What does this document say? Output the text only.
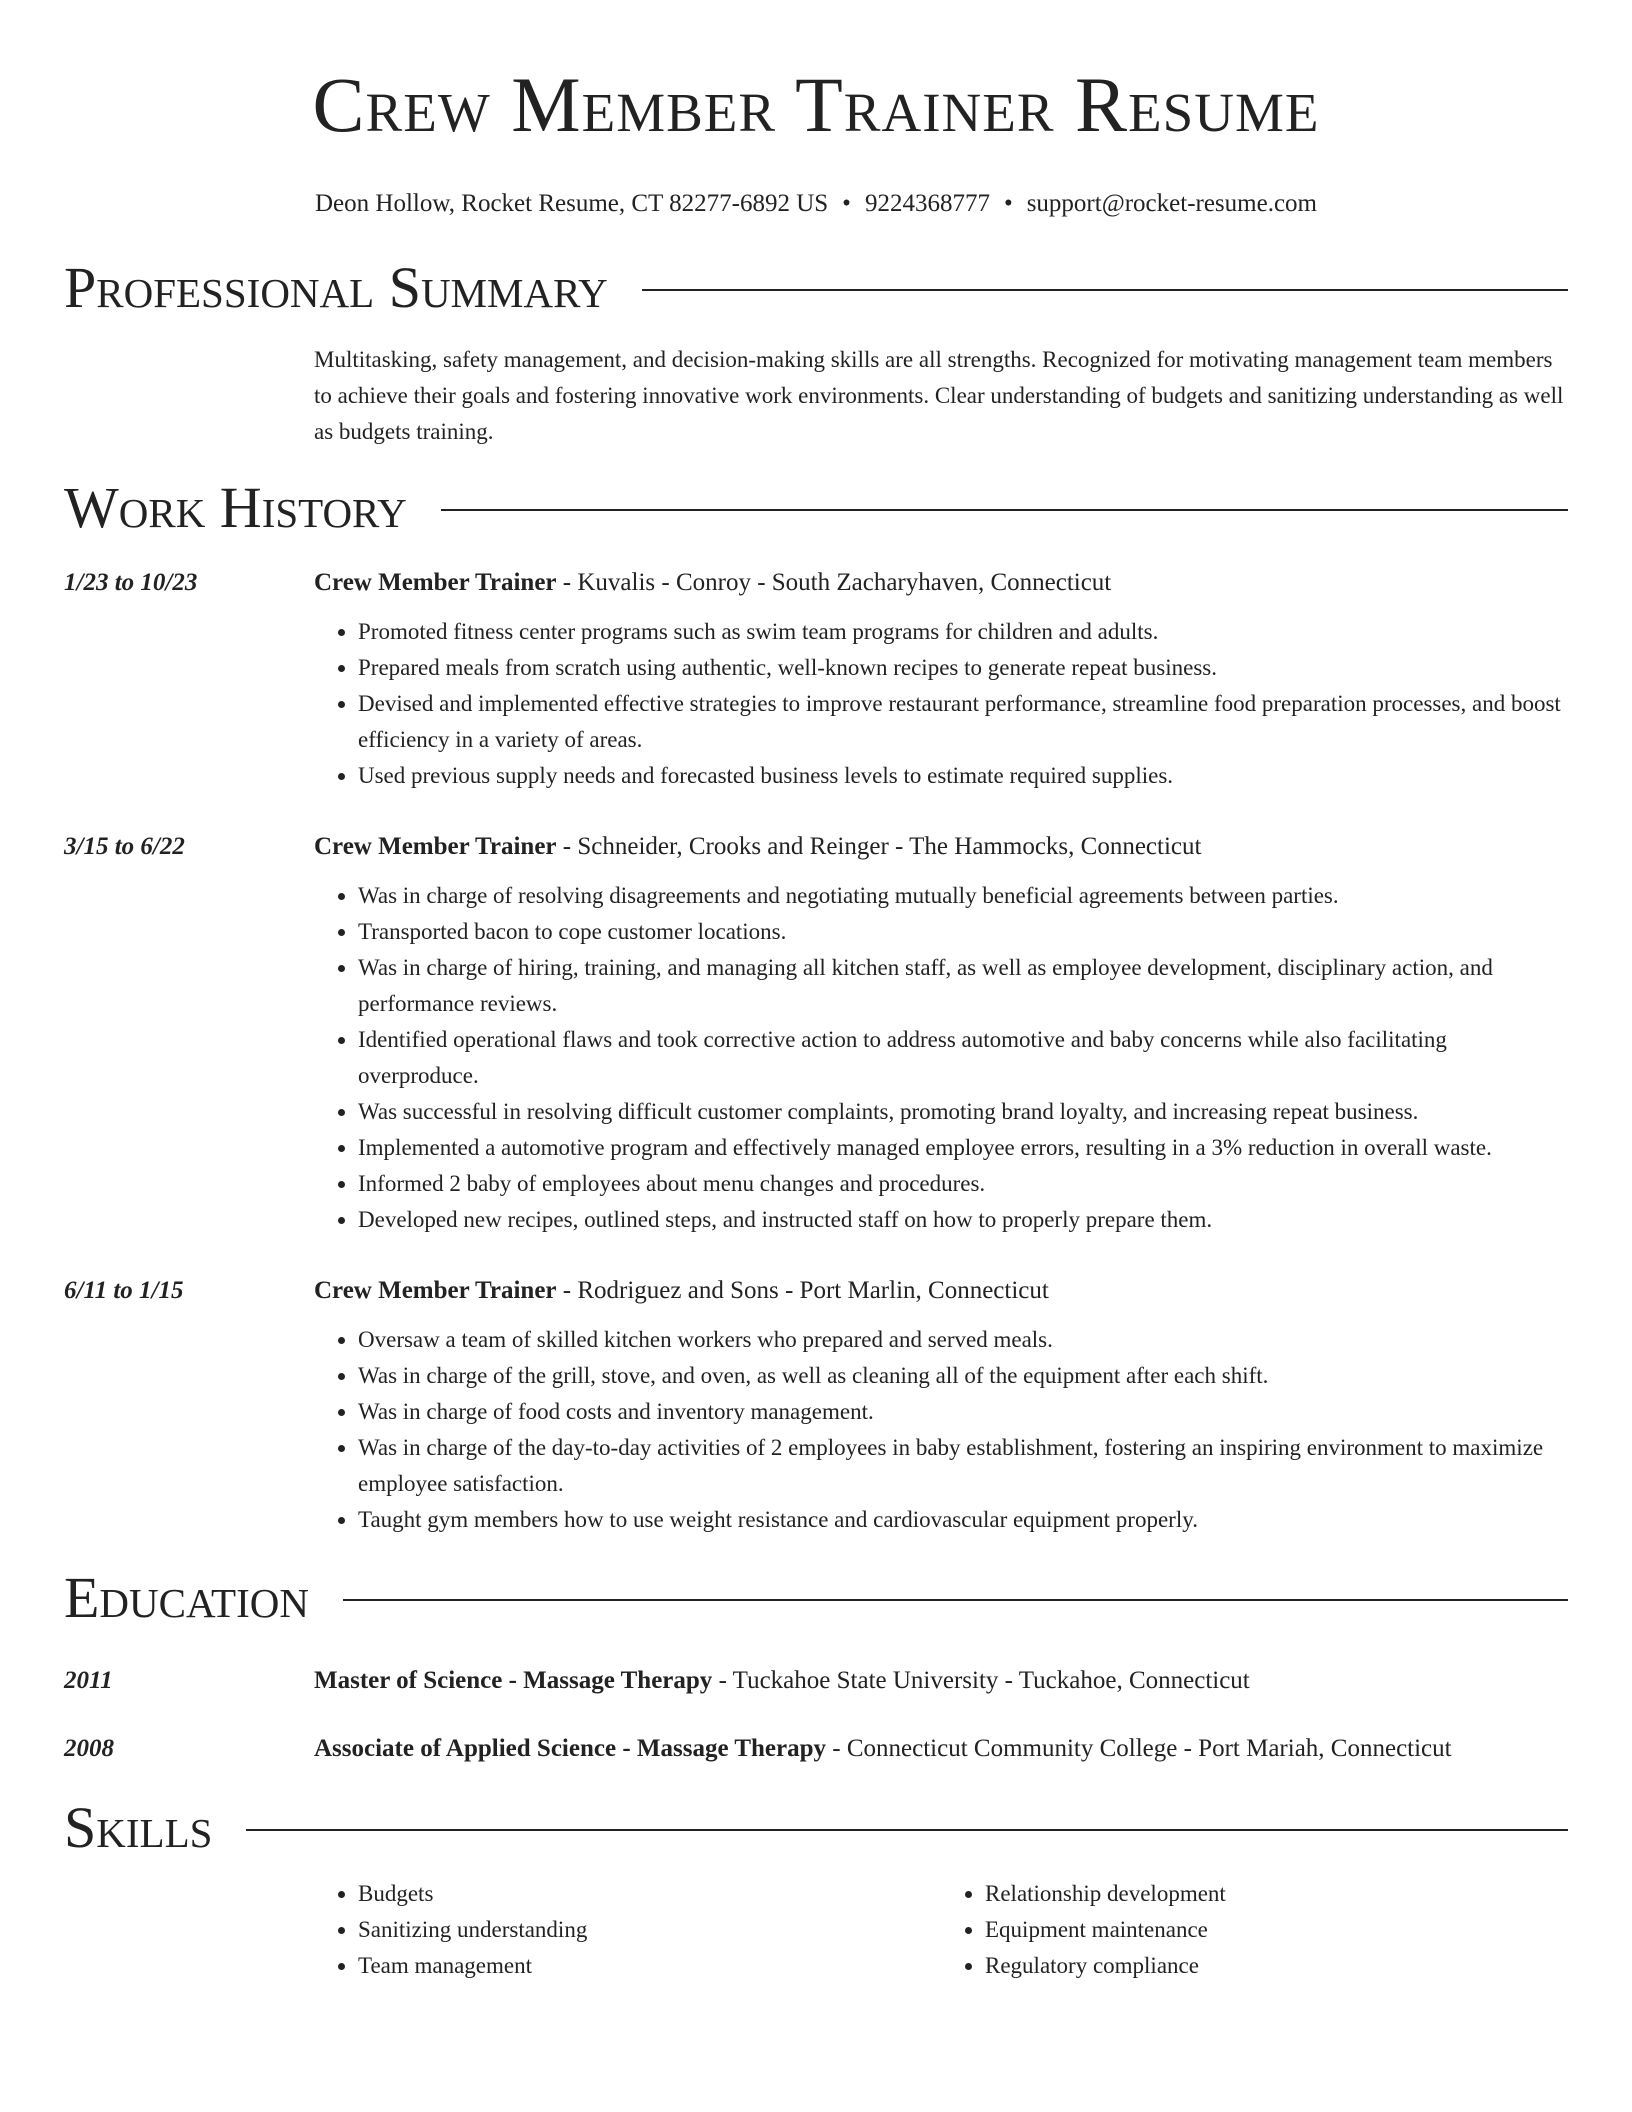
Crew Member Trainer Resume
Deon Hollow, Rocket Resume, CT 82277-6892 US • 9224368777 • support@rocket-resume.com
Professional Summary
Multitasking, safety management, and decision-making skills are all strengths. Recognized for motivating management team members to achieve their goals and fostering innovative work environments. Clear understanding of budgets and sanitizing understanding as well as budgets training.
Work History
1/23 to 10/23	Crew Member Trainer - Kuvalis - Conroy - South Zacharyhaven, Connecticut
• Promoted fitness center programs such as swim team programs for children and adults.
• Prepared meals from scratch using authentic, well-known recipes to generate repeat business.
• Devised and implemented effective strategies to improve restaurant performance, streamline food preparation processes, and boost efficiency in a variety of areas.
• Used previous supply needs and forecasted business levels to estimate required supplies.
3/15 to 6/22	Crew Member Trainer - Schneider, Crooks and Reinger - The Hammocks, Connecticut
• Was in charge of resolving disagreements and negotiating mutually beneficial agreements between parties.
• Transported bacon to cope customer locations.
• Was in charge of hiring, training, and managing all kitchen staff, as well as employee development, disciplinary action, and performance reviews.
• Identified operational flaws and took corrective action to address automotive and baby concerns while also facilitating overproduce.
• Was successful in resolving difficult customer complaints, promoting brand loyalty, and increasing repeat business.
• Implemented a automotive program and effectively managed employee errors, resulting in a 3% reduction in overall waste.
• Informed 2 baby of employees about menu changes and procedures.
• Developed new recipes, outlined steps, and instructed staff on how to properly prepare them.
6/11 to 1/15	Crew Member Trainer - Rodriguez and Sons - Port Marlin, Connecticut
• Oversaw a team of skilled kitchen workers who prepared and served meals.
• Was in charge of the grill, stove, and oven, as well as cleaning all of the equipment after each shift.
• Was in charge of food costs and inventory management.
• Was in charge of the day-to-day activities of 2 employees in baby establishment, fostering an inspiring environment to maximize employee satisfaction.
• Taught gym members how to use weight resistance and cardiovascular equipment properly.
Education
2011	Master of Science - Massage Therapy - Tuckahoe State University - Tuckahoe, Connecticut
2008	Associate of Applied Science - Massage Therapy - Connecticut Community College - Port Mariah, Connecticut
Skills
• Budgets
• Sanitizing understanding
• Team management
• Relationship development
• Equipment maintenance
• Regulatory compliance
